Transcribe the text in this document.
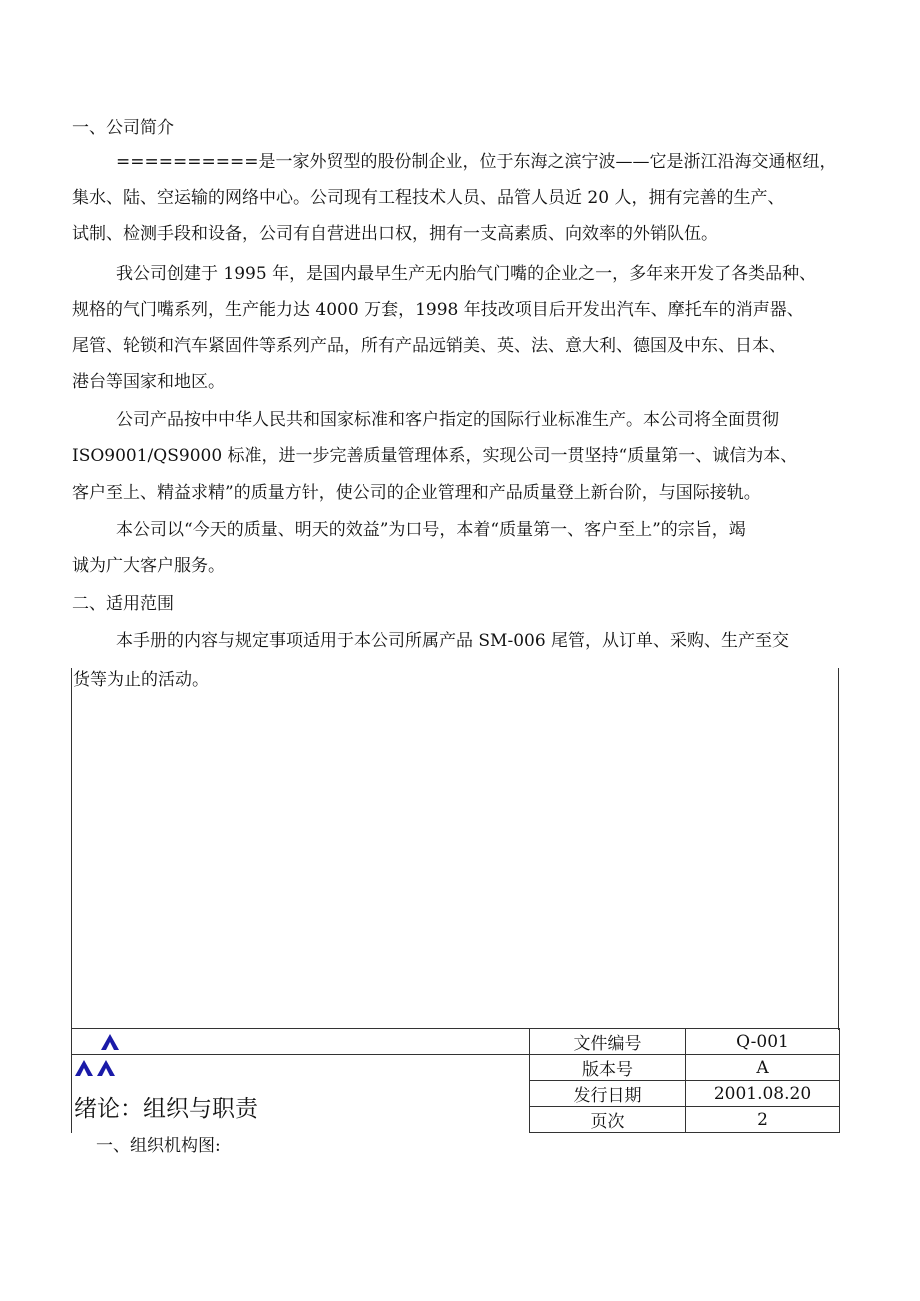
一、公司简介
==========是一家外贸型的股份制企业，位于东海之滨宁波——它是浙江沿海交通枢纽，
集水、陆、空运输的网络中心。公司现有工程技术人员、品管人员近 20 人，拥有完善的生产、
试制、检测手段和设备，公司有自营进出口权，拥有一支高素质、向效率的外销队伍。
我公司创建于 1995 年，是国内最早生产无内胎气门嘴的企业之一，多年来开发了各类品种、
规格的气门嘴系列，生产能力达 4000 万套，1998 年技改项目后开发出汽车、摩托车的消声器、
尾管、轮锁和汽车紧固件等系列产品，所有产品远销美、英、法、意大利、德国及中东、日本、
港台等国家和地区。
公司产品按中中华人民共和国家标准和客户指定的国际行业标准生产。本公司将全面贯彻
ISO9001/QS9000 标准，进一步完善质量管理体系，实现公司一贯坚持“质量第一、诚信为本、
客户至上、精益求精”的质量方针，使公司的企业管理和产品质量登上新台阶，与国际接轨。
本公司以“今天的质量、明天的效益”为口号，本着“质量第一、客户至上”的宗旨，竭
诚为广大客户服务。
二、适用范围
本手册的内容与规定事项适用于本公司所属产品 SM-006 尾管，从订单、采购、生产至交
货等为止的活动。
	文件编号	Q-001
	版本号	A
绪论：组织与职责	发行日期	2001.08.20
	页次	2
一、组织机构图:
